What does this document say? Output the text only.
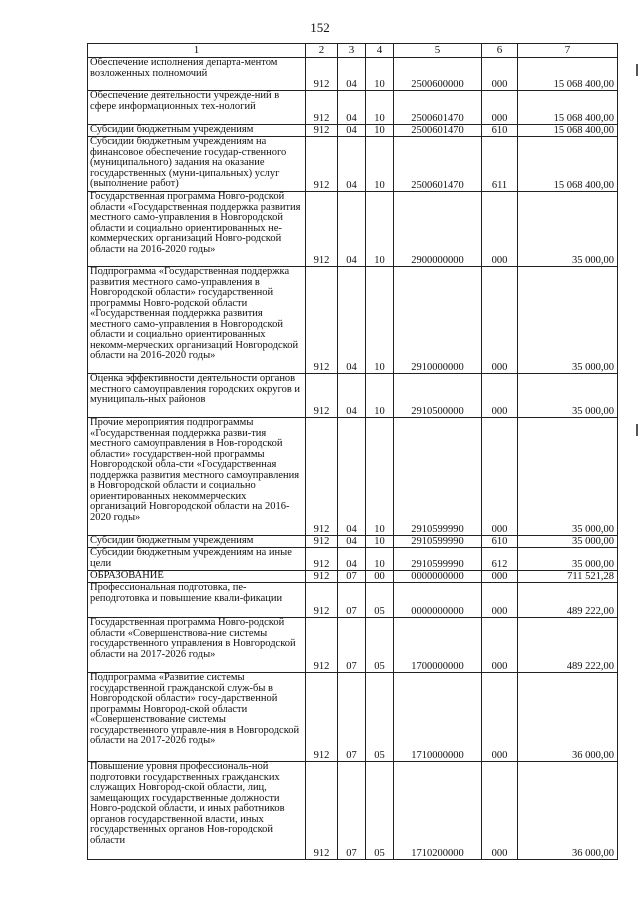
152
1	2	3	4	5	6	7
Обеспечение исполнения департа-ментом возложенных полномочий	912	04	10	2500600000	000	15 068 400,00
Обеспечение деятельности учрежде-ний в сфере информационных тех-нологий	912	04	10	2500601470	000	15 068 400,00
Субсидии бюджетным учреждениям	912	04	10	2500601470	610	15 068 400,00
Субсидии бюджетным учреждениям на финансовое обеспечение государ-ственного (муниципального) задания на оказание государственных (муни-ципальных) услуг (выполнение работ)	912	04	10	2500601470	611	15 068 400,00
Государственная программа Новго-родской области «Государственная поддержка развития местного само-управления в Новгородской области и социально ориентированных не-коммерческих организаций Новго-родской области на 2016-2020 годы»	912	04	10	2900000000	000	35 000,00
Подпрограмма «Государственная поддержка развития местного само-управления в Новгородской области» государственной программы Новго-родской области «Государственная поддержка развития местного само-управления в Новгородской области и социально ориентированных некомм-мерческих организаций Новгородской области на 2016-2020 годы»	912	04	10	2910000000	000	35 000,00
Оценка эффективности деятельности органов местного самоуправления городских округов и муниципаль-ных районов	912	04	10	2910500000	000	35 000,00
Прочие мероприятия подпрограммы «Государственная поддержка разви-тия местного самоуправления в Нов-городской области» государствен-ной программы Новгородской обла-сти «Государственная поддержка развития местного самоуправления в Новгородской области и социально ориентированных некоммерческих организаций Новгородской области на 2016-2020 годы»	912	04	10	2910599990	000	35 000,00
Субсидии бюджетным учреждениям	912	04	10	2910599990	610	35 000,00
Субсидии бюджетным учреждениям на иные цели	912	04	10	2910599990	612	35 000,00
ОБРАЗОВАНИЕ	912	07	00	0000000000	000	711 521,28
Профессиональная подготовка, пе-реподготовка и повышение квали-фикации	912	07	05	0000000000	000	489 222,00
Государственная программа Новго-родской области «Совершенствова-ние системы государственного управления в Новгородской области на 2017-2026 годы»	912	07	05	1700000000	000	489 222,00
Подпрограмма «Развитие системы государственной гражданской служ-бы в Новгородской области» госу-дарственной программы Новгород-ской области «Совершенствование системы государственного управле-ния в Новгородской области на 2017-2026 годы»	912	07	05	1710000000	000	36 000,00
Повышение уровня профессиональ-ной подготовки государственных гражданских служащих Новгород-ской области, лиц, замещающих государственные должности Новго-родской области, и иных работников органов государственной власти, иных государственных органов Нов-городской области	912	07	05	1710200000	000	36 000,00
